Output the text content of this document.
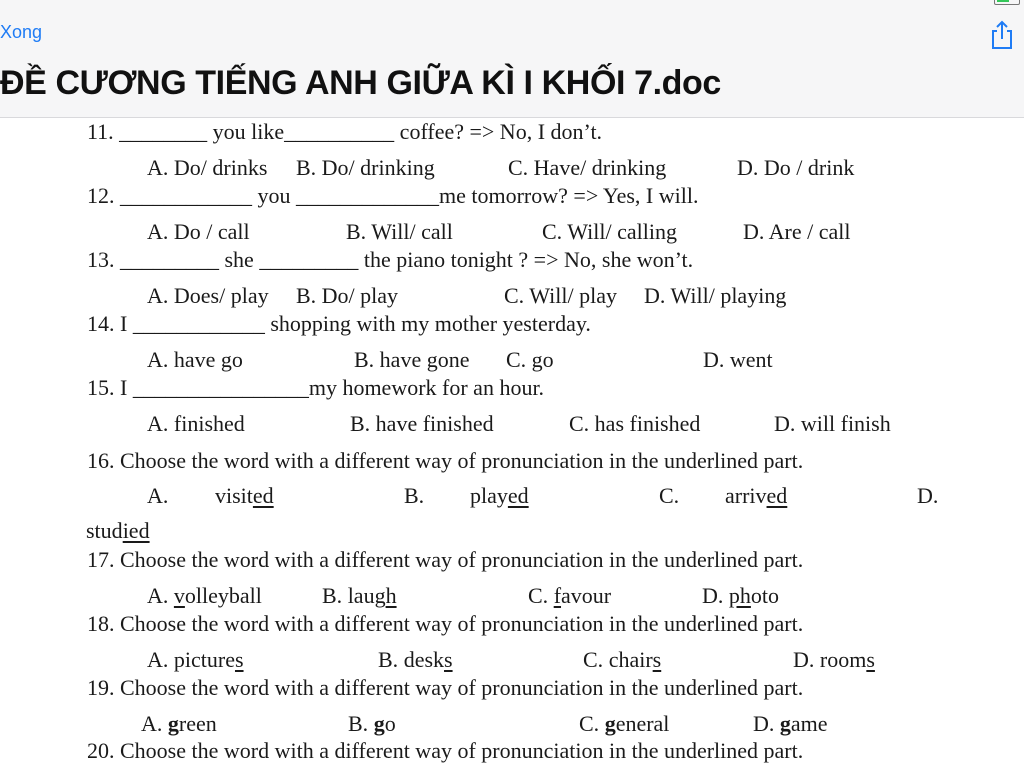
Xong
ĐỀ CƯƠNG TIẾNG ANH GIỮA KÌ I KHỐI 7.doc
11. ________ you like__________ coffee? => No, I don’t.
A. Do/ drinks B. Do/ drinking	C. Have/ drinking	D. Do / drink
12. ____________ you _____________me tomorrow? => Yes, I will.
A. Do / call	B. Will/ call	C. Will/ calling	D. Are / call
13. _________ she _________ the piano tonight ? => No, she won’t.
A. Does/ play B. Do/ play	C. Will/ play D. Will/ playing
14. I ____________ shopping with my mother yesterday.
A. have go	B. have gone C. go	D. went
15. I ________________my homework for an hour.
A. finished	B. have finished	C. has finished	D. will finish
16. Choose the word with a different way of pronunciation in the underlined part.
A. visited	B. played	C. arrived	D.
studied
17. Choose the word with a different way of pronunciation in the underlined part.
A. volleyball	B. laugh	C. favour	D. photo
18. Choose the word with a different way of pronunciation in the underlined part.
A. pictures	B. desks	C. chairs	D. rooms
19. Choose the word with a different way of pronunciation in the underlined part.
A. green	B. go	C. general	D. game
20. Choose the word with a different way of pronunciation in the underlined part.
